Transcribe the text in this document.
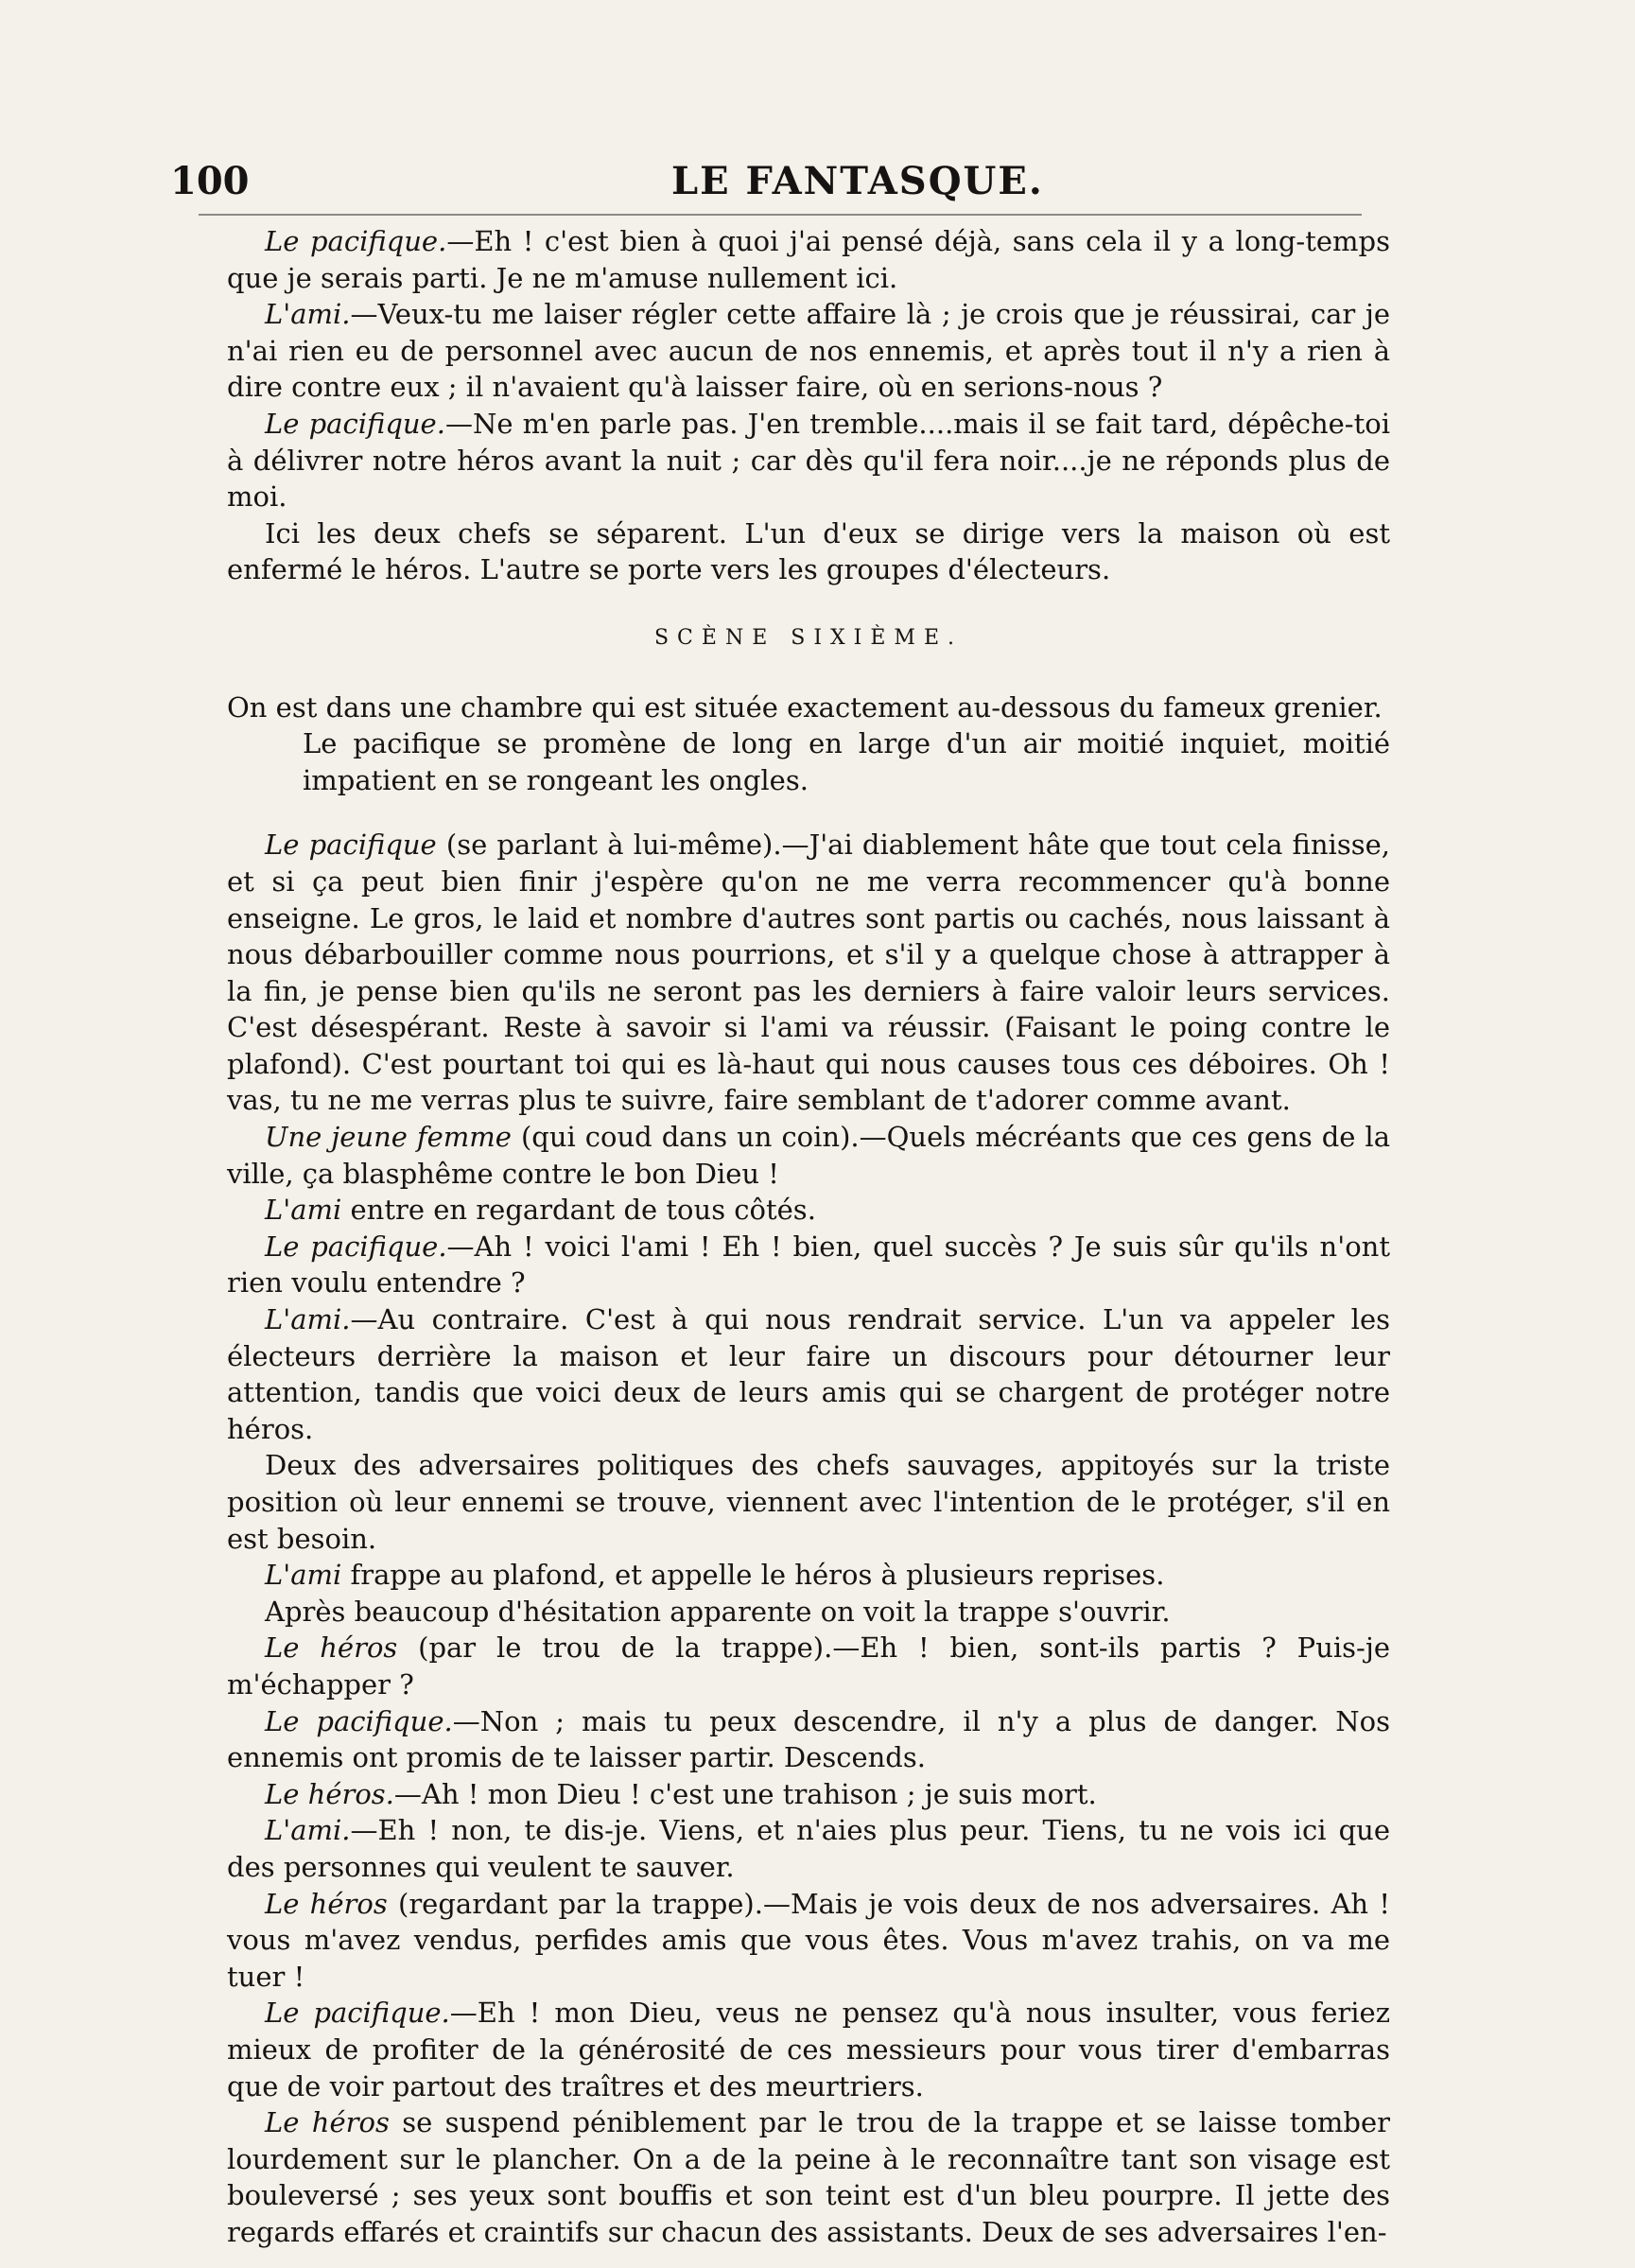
100	LE FANTASQUE.

Le pacifique.—Eh ! c'est bien à quoi j'ai pensé déjà, sans cela il y a long-temps que je serais parti. Je ne m'amuse nullement ici.

L'ami.—Veux-tu me laiser régler cette affaire là ; je crois que je réussirai, car je n'ai rien eu de personnel avec aucun de nos ennemis, et après tout il n'y a rien à dire contre eux ; il n'avaient qu'à laisser faire, où en serions-nous ?

Le pacifique.—Ne m'en parle pas. J'en tremble....mais il se fait tard, dépêche-toi à délivrer notre héros avant la nuit ; car dès qu'il fera noir....je ne réponds plus de moi.

Ici les deux chefs se séparent. L'un d'eux se dirige vers la maison où est enfermé le héros. L'autre se porte vers les groupes d'électeurs.

SCÈNE SIXIÈME.

On est dans une chambre qui est située exactement au-dessous du fameux grenier.

Le pacifique se promène de long en large d'un air moitié inquiet, moitié impatient en se rongeant les ongles.

Le pacifique (se parlant à lui-même).—J'ai diablement hâte que tout cela finisse, et si ça peut bien finir j'espère qu'on ne me verra recommencer qu'à bonne enseigne. Le gros, le laid et nombre d'autres sont partis ou cachés, nous laissant à nous débarbouiller comme nous pourrions, et s'il y a quelque chose à attrapper à la fin, je pense bien qu'ils ne seront pas les derniers à faire valoir leurs services. C'est désespérant. Reste à savoir si l'ami va réussir. (Faisant le poing contre le plafond). C'est pourtant toi qui es là-haut qui nous causes tous ces déboires. Oh ! vas, tu ne me verras plus te suivre, faire semblant de t'adorer comme avant.

Une jeune femme (qui coud dans un coin).—Quels mécréants que ces gens de la ville, ça blasphême contre le bon Dieu !

L'ami entre en regardant de tous côtés.

Le pacifique.—Ah ! voici l'ami ! Eh ! bien, quel succès ? Je suis sûr qu'ils n'ont rien voulu entendre ?

L'ami.—Au contraire. C'est à qui nous rendrait service. L'un va appeler les électeurs derrière la maison et leur faire un discours pour détourner leur attention, tandis que voici deux de leurs amis qui se chargent de protéger notre héros.

Deux des adversaires politiques des chefs sauvages, appitoyés sur la triste position où leur ennemi se trouve, viennent avec l'intention de le protéger, s'il en est besoin.

L'ami frappe au plafond, et appelle le héros à plusieurs reprises.

Après beaucoup d'hésitation apparente on voit la trappe s'ouvrir.

Le héros (par le trou de la trappe).—Eh ! bien, sont-ils partis ? Puis-je m'échapper ?

Le pacifique.—Non ; mais tu peux descendre, il n'y a plus de danger. Nos ennemis ont promis de te laisser partir. Descends.

Le héros.—Ah ! mon Dieu ! c'est une trahison ; je suis mort.

L'ami.—Eh ! non, te dis-je. Viens, et n'aies plus peur. Tiens, tu ne vois ici que des personnes qui veulent te sauver.

Le héros (regardant par la trappe).—Mais je vois deux de nos adversaires. Ah ! vous m'avez vendus, perfides amis que vous êtes. Vous m'avez trahis, on va me tuer !

Le pacifique.—Eh ! mon Dieu, veus ne pensez qu'à nous insulter, vous feriez mieux de profiter de la générosité de ces messieurs pour vous tirer d'embarras que de voir partout des traîtres et des meurtriers.

Le héros se suspend péniblement par le trou de la trappe et se laisse tomber lourdement sur le plancher. On a de la peine à le reconnaître tant son visage est bouleversé ; ses yeux sont bouffis et son teint est d'un bleu pourpre. Il jette des regards effarés et craintifs sur chacun des assistants. Deux de ses adversaires l'en-
